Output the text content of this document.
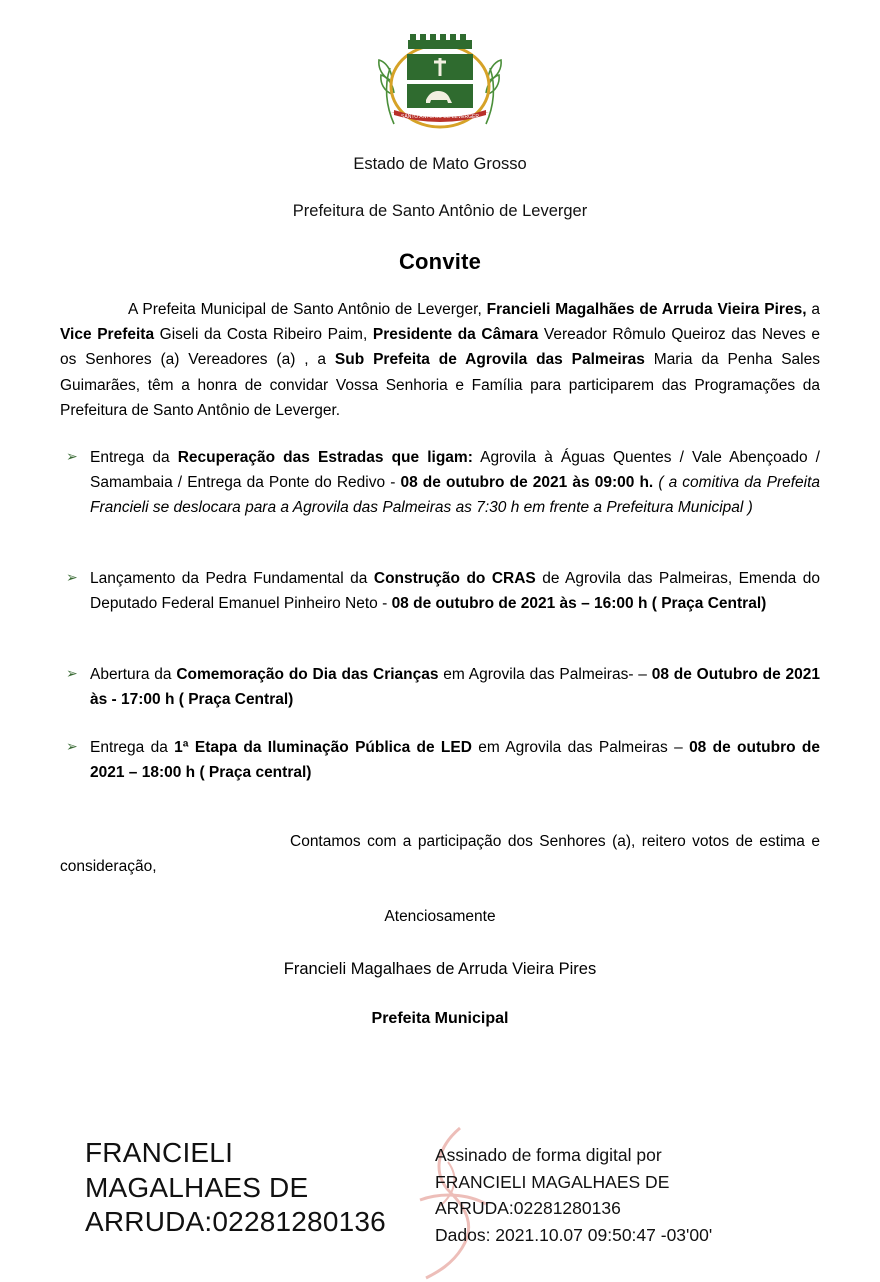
SANTO ANTONIO DE LEVERGER
Estado de Mato Grosso
Prefeitura de Santo Antônio de Leverger
Convite

A Prefeita Municipal de Santo Antônio de Leverger, Francieli Magalhães de Arruda Vieira Pires, a Vice Prefeita Giseli da Costa Ribeiro Paim, Presidente da Câmara Vereador Rômulo Queiroz das Neves e os Senhores (a) Vereadores (a) , a Sub Prefeita de Agrovila das Palmeiras Maria da Penha Sales Guimarães, têm a honra de convidar Vossa Senhoria e Família para participarem das Programações da Prefeitura de Santo Antônio de Leverger.

➢ Entrega da Recuperação das Estradas que ligam: Agrovila à Águas Quentes / Vale Abençoado / Samambaia / Entrega da Ponte do Redivo - 08 de outubro de 2021 às 09:00 h. ( a comitiva da Prefeita Francieli se deslocara para a Agrovila das Palmeiras as 7:30 h em frente a Prefeitura Municipal )
➢ Lançamento da Pedra Fundamental da Construção do CRAS de Agrovila das Palmeiras, Emenda do Deputado Federal Emanuel Pinheiro Neto - 08 de outubro de 2021 às – 16:00 h ( Praça Central)
➢ Abertura da Comemoração do Dia das Crianças em Agrovila das Palmeiras- – 08 de Outubro de 2021 às - 17:00 h ( Praça Central)
➢ Entrega da 1ª Etapa da Iluminação Pública de LED em Agrovila das Palmeiras – 08 de outubro de 2021 – 18:00 h ( Praça central)

Contamos com a participação dos Senhores (a), reitero votos de estima e consideração,

Atenciosamente
Francieli Magalhaes de Arruda Vieira Pires
Prefeita Municipal
FRANCIELI
MAGALHAES DE
ARRUDA:02281280136
Assinado de forma digital por
FRANCIELI MAGALHAES DE
ARRUDA:02281280136
Dados: 2021.10.07 09:50:47 -03'00'
